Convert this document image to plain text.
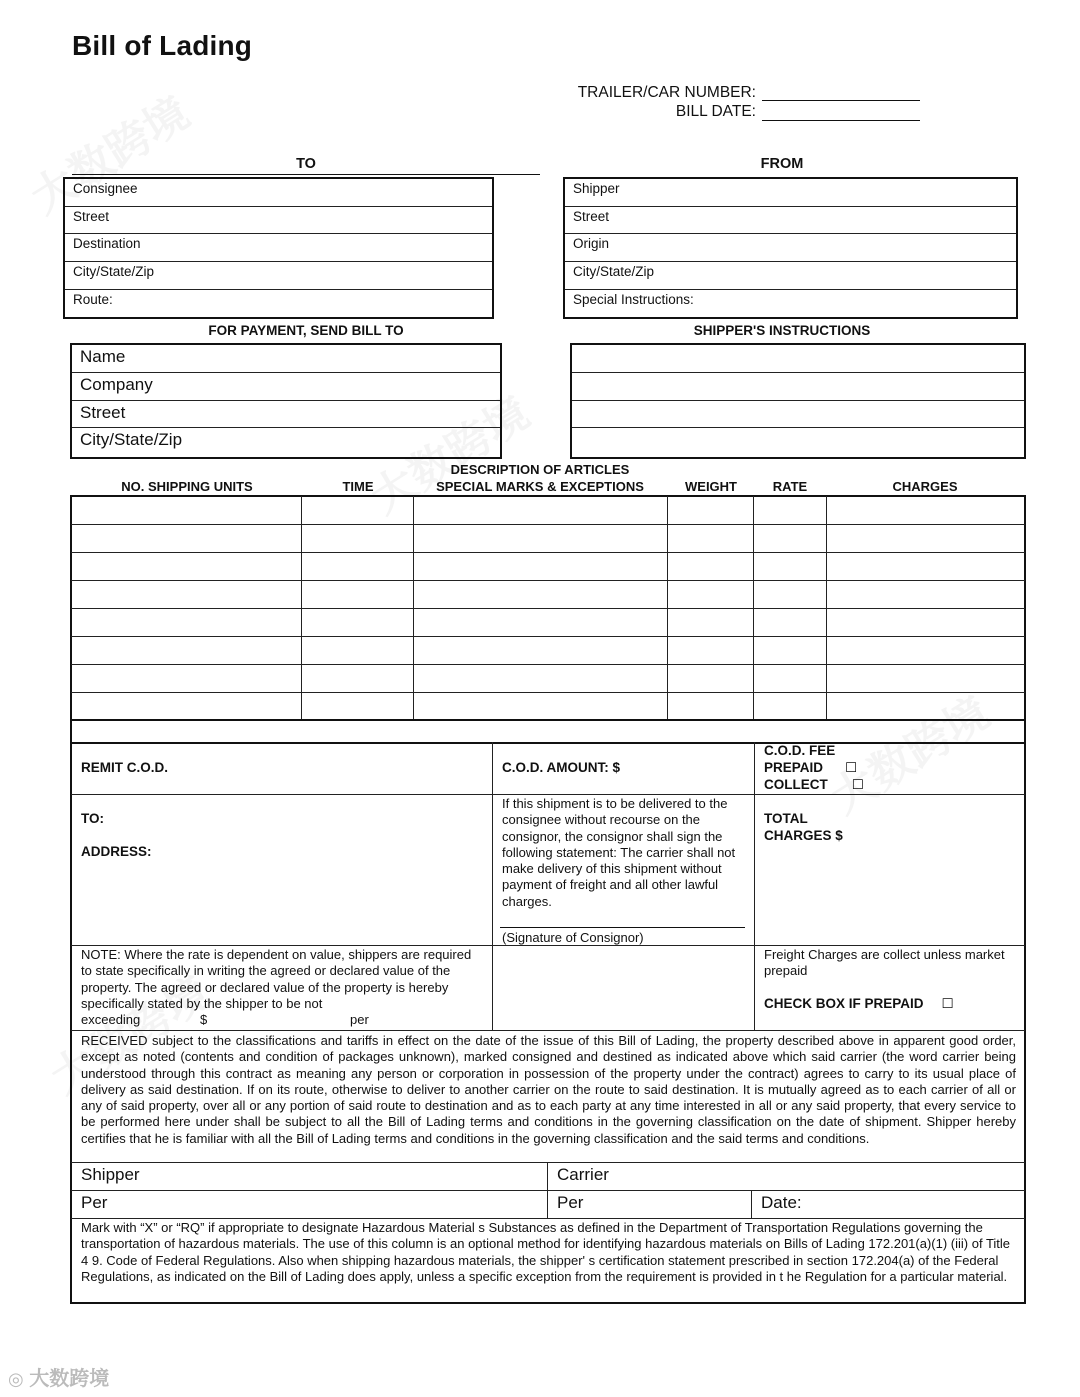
Bill of Lading
TRAILER/CAR NUMBER:
BILL DATE:
TO	FROM
Consignee
Street
Destination
City/State/Zip
Route:
Shipper
Street
Origin
City/State/Zip
Special Instructions:
FOR PAYMENT, SEND BILL TO	SHIPPER'S INSTRUCTIONS
Name
Company
Street
City/State/Zip
NO. SHIPPING UNITS	TIME
DESCRIPTION OF ARTICLES
SPECIAL MARKS & EXCEPTIONS	WEIGHT	RATE	CHARGES
REMIT C.O.D.	C.O.D. AMOUNT: $
C.O.D. FEE
PREPAID ☐
COLLECT ☐
TO:
ADDRESS:
If this shipment is to be delivered to the consignee without recourse on the consignor, the consignor shall sign the following statement: The carrier shall not make delivery of this shipment without payment of freight and all other lawful charges.
(Signature of Consignor)
TOTAL
CHARGES $
NOTE: Where the rate is dependent on value, shippers are required to state specifically in writing the agreed or declared value of the property. The agreed or declared value of the property is hereby specifically stated by the shipper to be not
exceeding	$	per
Freight Charges are collect unless market prepaid
CHECK BOX IF PREPAID ☐
RECEIVED subject to the classifications and tariffs in effect on the date of the issue of this Bill of Lading, the property described above in apparent good order, except as noted (contents and condition of packages unknown), marked consigned and destined as indicated above which said carrier (the word carrier being understood through this contract as meaning any person or corporation in possession of the property under the contract) agrees to carry to its usual place of delivery as said destination. If on its route, otherwise to deliver to another carrier on the route to said destination. It is mutually agreed as to each carrier of all or any of said property, over all or any portion of said route to destination and as to each party at any time interested in all or any said property, that every service to be performed here under shall be subject to all the Bill of Lading terms and conditions in the governing classification on the date of shipment. Shipper hereby certifies that he is familiar with all the Bill of Lading terms and conditions in the governing classification and the said terms and conditions.
Shipper	Carrier
Per	Per	Date:
Mark with “X” or “RQ” if appropriate to designate Hazardous Material s Substances as defined in the Department of Transportation Regulations governing the transportation of hazardous materials. The use of this column is an optional method for identifying hazardous materials on Bills of Lading 172.201(a)(1) (iii) of Title 4 9. Code of Federal Regulations. Also when shipping hazardous materials, the shipper' s certification statement prescribed in section 172.204(a) of the Federal Regulations, as indicated on the Bill of Lading does apply, unless a specific exception from the requirement is provided in t he Regulation for a particular material.
◎ 大数跨境
